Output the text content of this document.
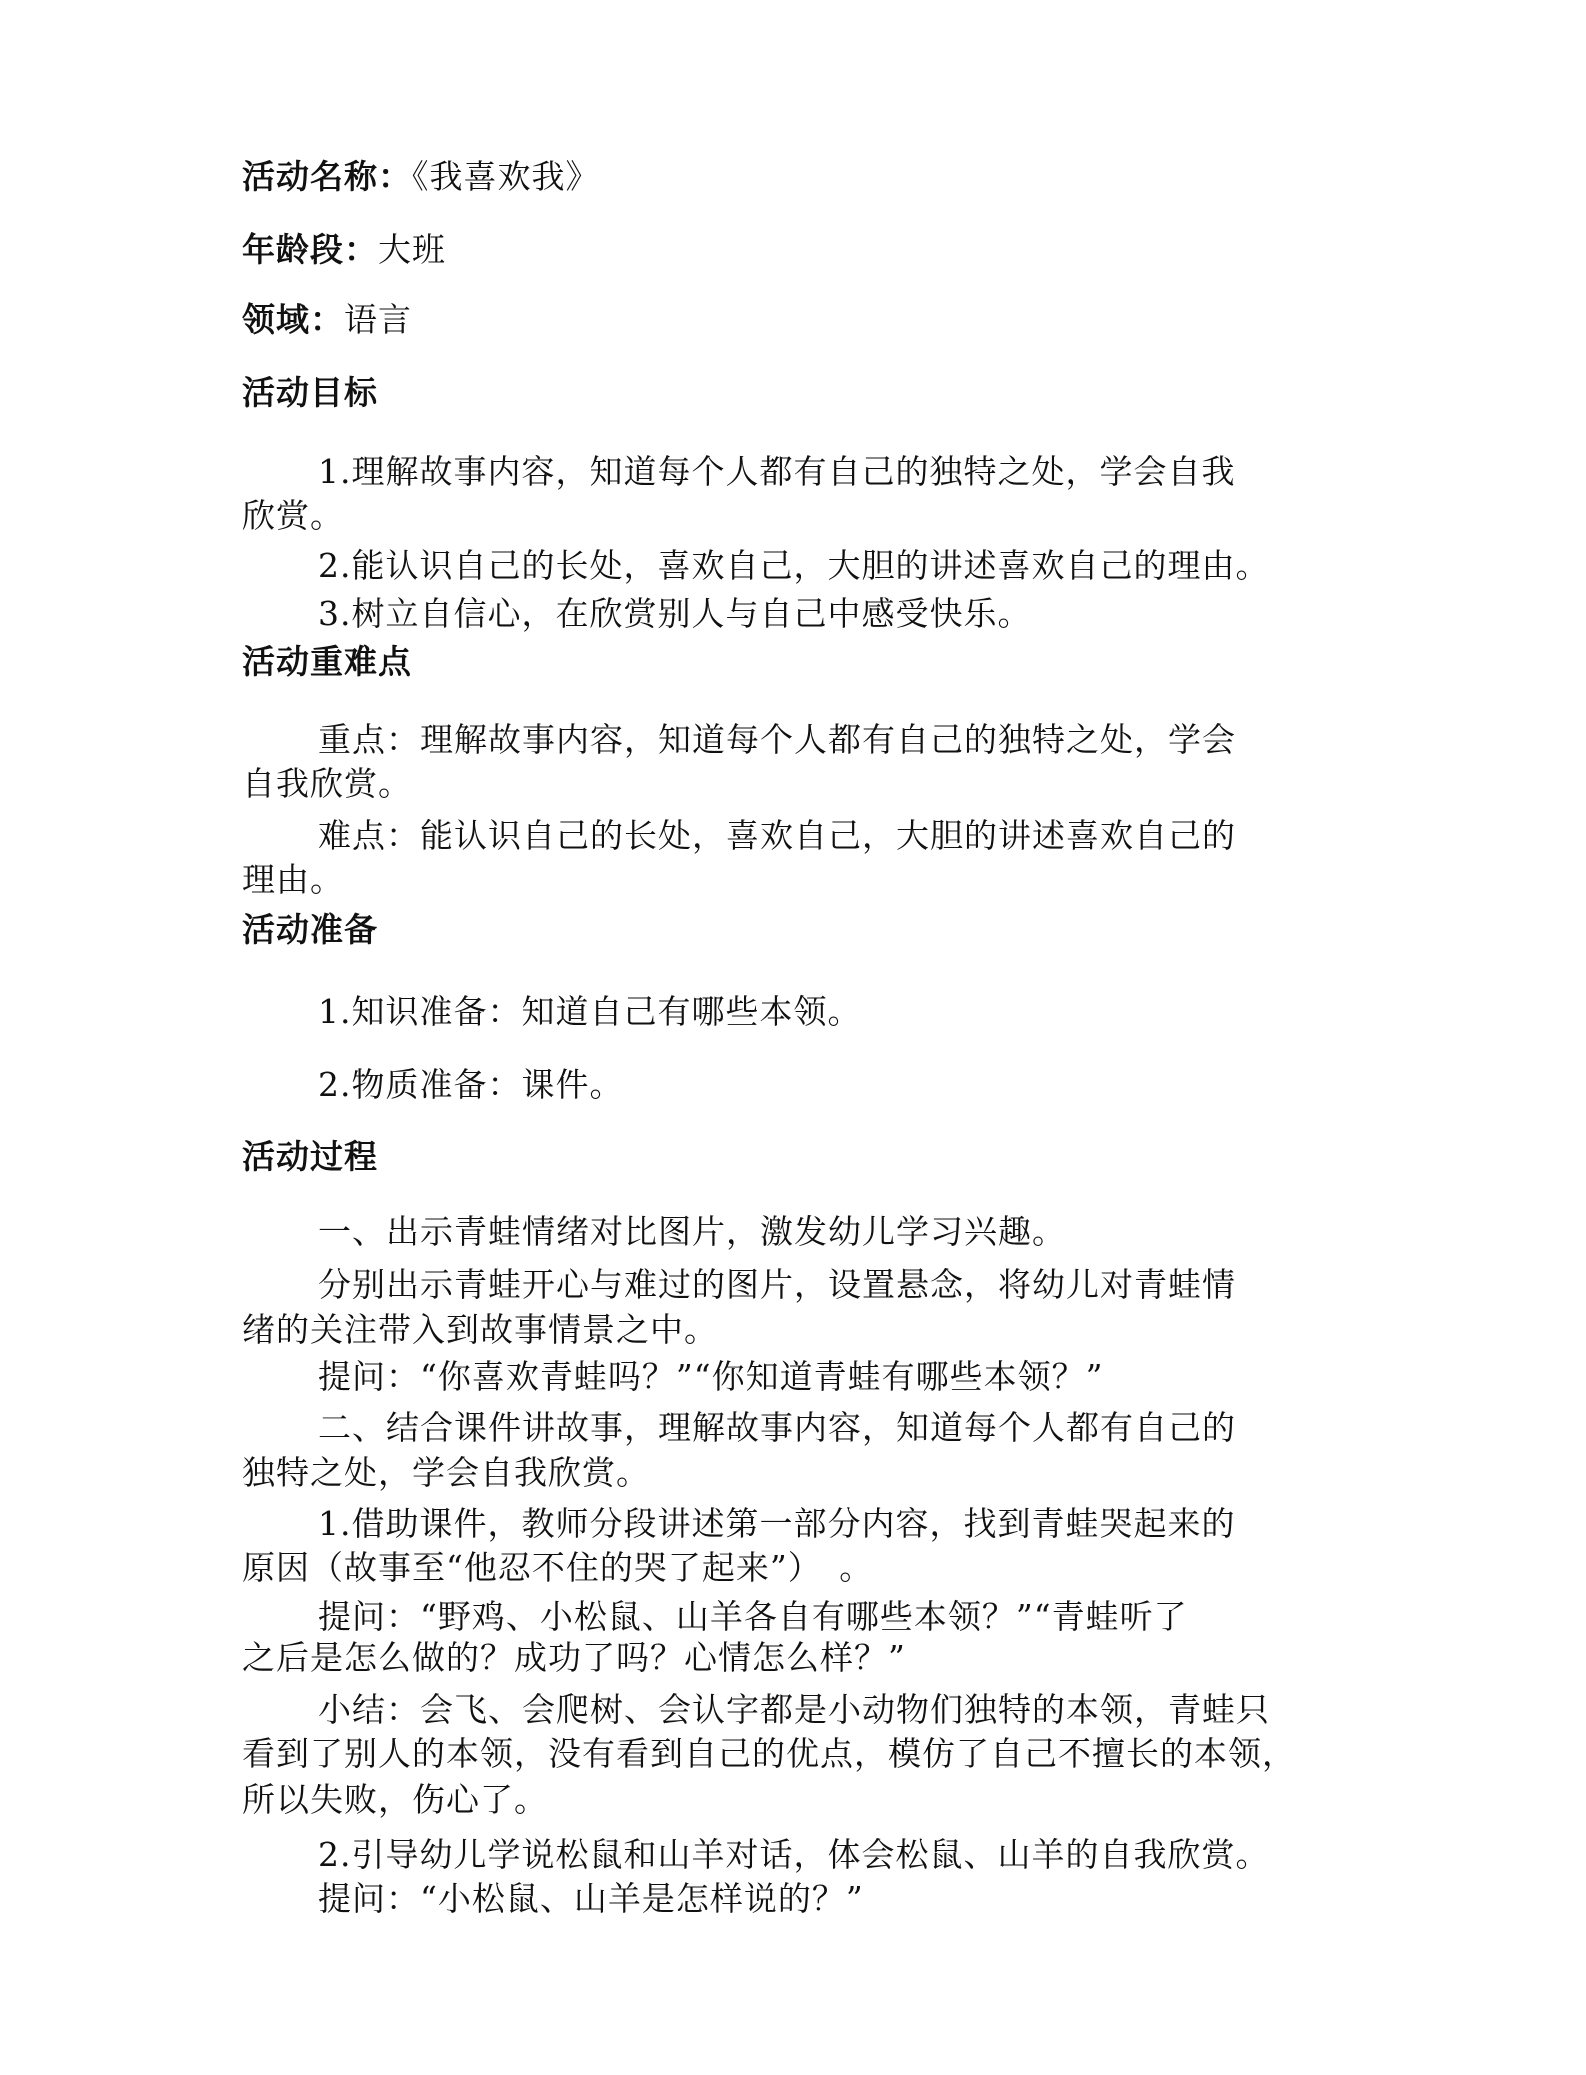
活动名称：《我喜欢我》
年龄段：大班
领域：语言
活动目标
1.理解故事内容，知道每个人都有自己的独特之处，学会自我
欣赏。
2.能认识自己的长处，喜欢自己，大胆的讲述喜欢自己的理由。
3.树立自信心，在欣赏别人与自己中感受快乐。
活动重难点
重点：理解故事内容，知道每个人都有自己的独特之处，学会
自我欣赏。
难点：能认识自己的长处，喜欢自己，大胆的讲述喜欢自己的
理由。
活动准备
1.知识准备：知道自己有哪些本领。
2.物质准备：课件。
活动过程
一、出示青蛙情绪对比图片，激发幼儿学习兴趣。
分别出示青蛙开心与难过的图片，设置悬念，将幼儿对青蛙情
绪的关注带入到故事情景之中。
提问：“你喜欢青蛙吗？”“你知道青蛙有哪些本领？”
二、结合课件讲故事，理解故事内容，知道每个人都有自己的
独特之处，学会自我欣赏。
1.借助课件，教师分段讲述第一部分内容，找到青蛙哭起来的
原因（故事至“他忍不住的哭了起来”）　。
提问：“野鸡、小松鼠、山羊各自有哪些本领？”“青蛙听了
之后是怎么做的？成功了吗？心情怎么样？”
小结：会飞、会爬树、会认字都是小动物们独特的本领，青蛙只
看到了别人的本领，没有看到自己的优点，模仿了自己不擅长的本领，
所以失败，伤心了。
2.引导幼儿学说松鼠和山羊对话，体会松鼠、山羊的自我欣赏。
提问：“小松鼠、山羊是怎样说的？”
